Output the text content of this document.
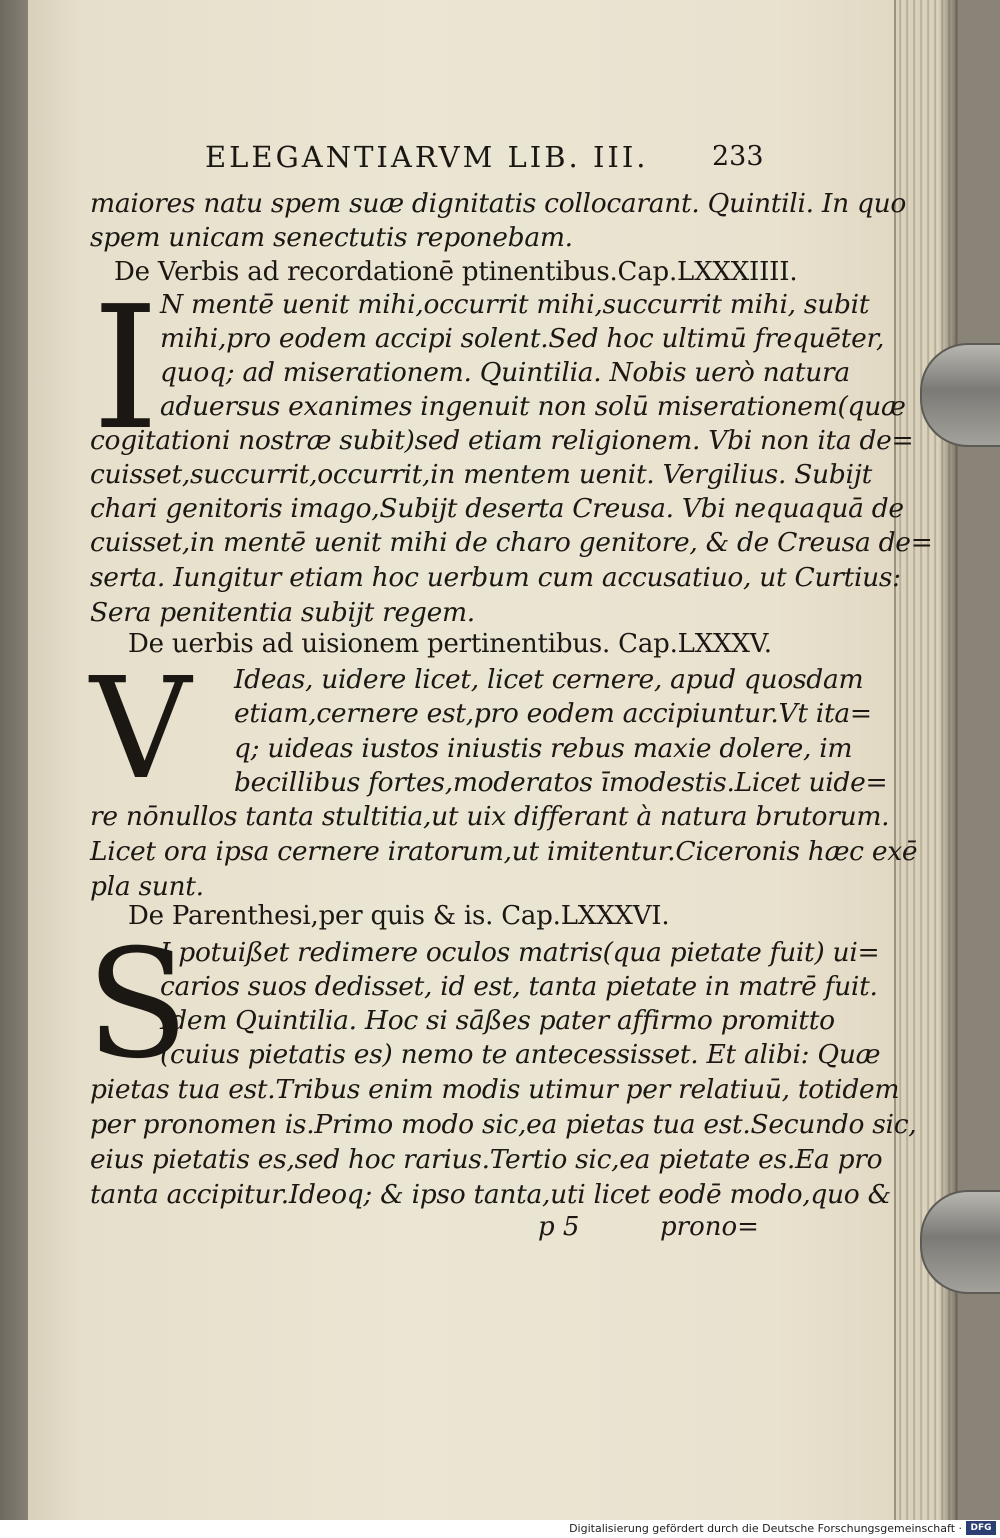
ELEGANTIARVM LIB. III. 233
maiores natu spem suæ dignitatis collocarant. Quintili. In quo
spem unicam senectutis reponebam.
De Verbis ad recordationē ptinentibus.Cap.LXXXIIII.
I N mentē uenit mihi,occurrit mihi,succurrit mihi, subit
mihi,pro eodem accipi solent.Sed hoc ultimū frequēter,
quoq; ad miserationem. Quintilia. Nobis uerò natura
aduersus exanimes ingenuit non solū miserationem(quæ
cogitationi nostræ subit)sed etiam religionem. Vbi non ita de=
cuisset,succurrit,occurrit,in mentem uenit. Vergilius. Subijt
chari genitoris imago,Subijt deserta Creusa. Vbi nequaquā de
cuisset,in mentē uenit mihi de charo genitore, & de Creusa de=
serta. Iungitur etiam hoc uerbum cum accusatiuo, ut Curtius:
Sera penitentia subijt regem.
De uerbis ad uisionem pertinentibus. Cap.LXXXV.
V Ideas, uidere licet, licet cernere, apud quosdam
etiam,cernere est,pro eodem accipiuntur.Vt ita=
q; uideas iustos iniustis rebus maxie dolere, im
becillibus fortes,moderatos īmodestis.Licet uide=
re nōnullos tanta stultitia,ut uix differant à natura brutorum.
Licet ora ipsa cernere iratorum,ut imitentur.Ciceronis hæc exē
pla sunt.
De Parenthesi,per quis & is. Cap.LXXXVI.
S
I potuißet redimere oculos matris(qua pietate fuit) ui=
carios suos dedisset, id est, tanta pietate in matrē fuit.
Idem Quintilia. Hoc si sāßes pater affirmo promitto
(cuius pietatis es) nemo te antecessisset. Et alibi: Quæ
pietas tua est.Tribus enim modis utimur per relatiuū, totidem
per pronomen is.Primo modo sic,ea pietas tua est.Secundo sic,
eius pietatis es,sed hoc rarius.Tertio sic,ea pietate es.Ea pro
tanta accipitur.Ideoq; & ipso tanta,uti licet eodē modo,quo &
p 5	prono=
Digitalisierung gefördert durch die Deutsche Forschungsgemeinschaft · DFG
